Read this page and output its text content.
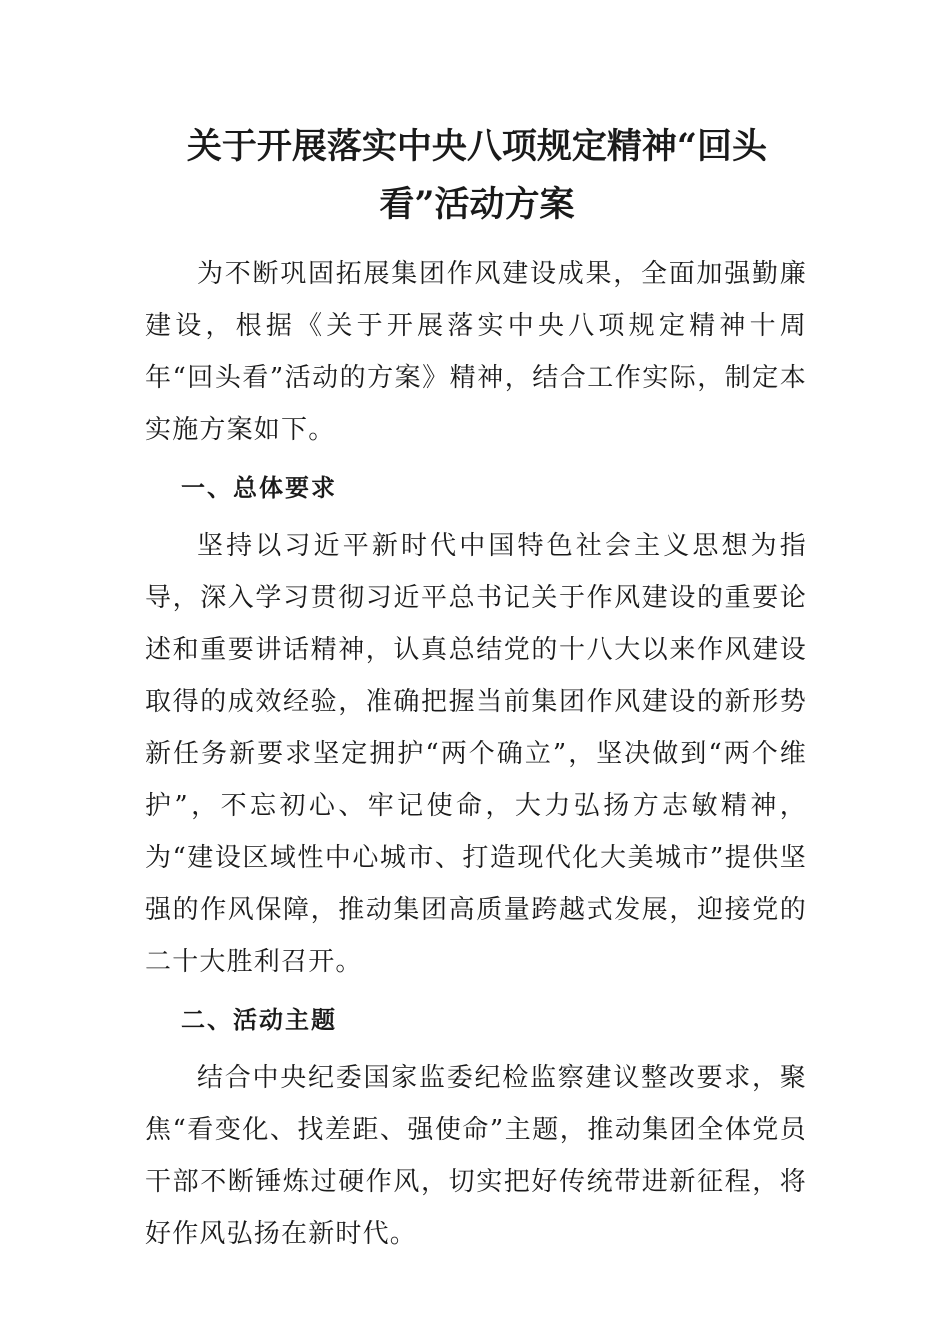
关于开展落实中央八项规定精神“回头
看”活动方案

为不断巩固拓展集团作风建设成果，全面加强勤廉建设，根据《关于开展落实中央八项规定精神十周年“回头看”活动的方案》精神，结合工作实际，制定本实施方案如下。

一、总体要求

坚持以习近平新时代中国特色社会主义思想为指导，深入学习贯彻习近平总书记关于作风建设的重要论述和重要讲话精神，认真总结党的十八大以来作风建设取得的成效经验，准确把握当前集团作风建设的新形势新任务新要求坚定拥护“两个确立”，坚决做到“两个维护”，不忘初心、牢记使命，大力弘扬方志敏精神，为“建设区域性中心城市、打造现代化大美城市”提供坚强的作风保障，推动集团高质量跨越式发展，迎接党的二十大胜利召开。

二、活动主题

结合中央纪委国家监委纪检监察建议整改要求，聚焦“看变化、找差距、强使命”主题，推动集团全体党员干部不断锤炼过硬作风，切实把好传统带进新征程，将好作风弘扬在新时代。
